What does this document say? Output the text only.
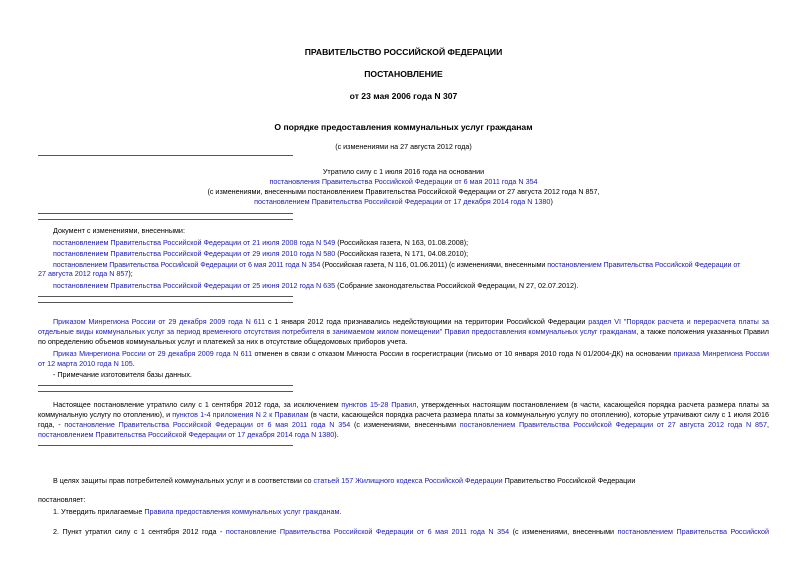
ПРАВИТЕЛЬСТВО РОССИЙСКОЙ ФЕДЕРАЦИИ
ПОСТАНОВЛЕНИЕ
от 23 мая 2006 года N 307
О порядке предоставления коммунальных услуг гражданам
(с изменениями на 27 августа 2012 года)
Утратило силу с 1 июля 2016 года на основании
постановления Правительства Российской Федерации от 6 мая 2011 года N 354
(с изменениями, внесенными постановлением Правительства Российской Федерации от 27 августа 2012 года N 857,
постановлением Правительства Российской Федерации от 17 декабря 2014 года N 1380)
Документ с изменениями, внесенными:
постановлением Правительства Российской Федерации от 21 июля 2008 года N 549 (Российская газета, N 163, 01.08.2008);
постановлением Правительства Российской Федерации от 29 июля 2010 года N 580 (Российская газета, N 171, 04.08.2010);
постановлением Правительства Российской Федерации от 6 мая 2011 года N 354 (Российская газета, N 116, 01.06.2011) (с изменениями, внесенными постановлением Правительства Российской Федерации от
27 августа 2012 года N 857);
постановлением Правительства Российской Федерации от 25 июня 2012 года N 635 (Собрание законодательства Российской Федерации, N 27, 02.07.2012).
Приказом Минрегиона России от 29 декабря 2009 года N 611 с 1 января 2012 года признавались недействующими на территории Российской Федерации раздел VI "Порядок расчета и перерасчета платы за
отдельные виды коммунальных услуг за период временного отсутствия потребителя в занимаемом жилом помещении" Правил предоставления коммунальных услуг гражданам, а также положения указанных Правил
по определению объемов коммунальных услуг и платежей за них в отсутствие общедомовых приборов учета.
Приказ Минрегиона России от 29 декабря 2009 года N 611 отменен в связи с отказом Минюста России в госрегистрации (письмо от 10 января 2010 года N 01/2004-ДК) на основании приказа Минрегиона России
от 12 марта 2010 года N 105.
- Примечание изготовителя базы данных.
Настоящее постановление утратило силу с 1 сентября 2012 года, за исключением пунктов 15-28 Правил, утвержденных настоящим постановлением (в части, касающейся порядка расчета размера платы за
коммунальную услугу по отоплению), и пунктов 1-4 приложения N 2 к Правилам (в части, касающейся порядка расчета размера платы за коммунальную услугу по отоплению), которые утрачивают силу с 1 июля 2016
года, - постановление Правительства Российской Федерации от 6 мая 2011 года N 354 (с изменениями, внесенными постановлением Правительства Российской Федерации от 27 августа 2012 года N 857,
постановлением Правительства Российской Федерации от 17 декабря 2014 года N 1380).
В целях защиты прав потребителей коммунальных услуг и в соответствии со статьей 157 Жилищного кодекса Российской Федерации Правительство Российской Федерации
постановляет:
1. Утвердить прилагаемые Правила предоставления коммунальных услуг гражданам.
2. Пункт утратил силу с 1 сентября 2012 года - постановление Правительства Российской Федерации от 6 мая 2011 года N 354 (с изменениями, внесенными постановлением Правительства Российской
